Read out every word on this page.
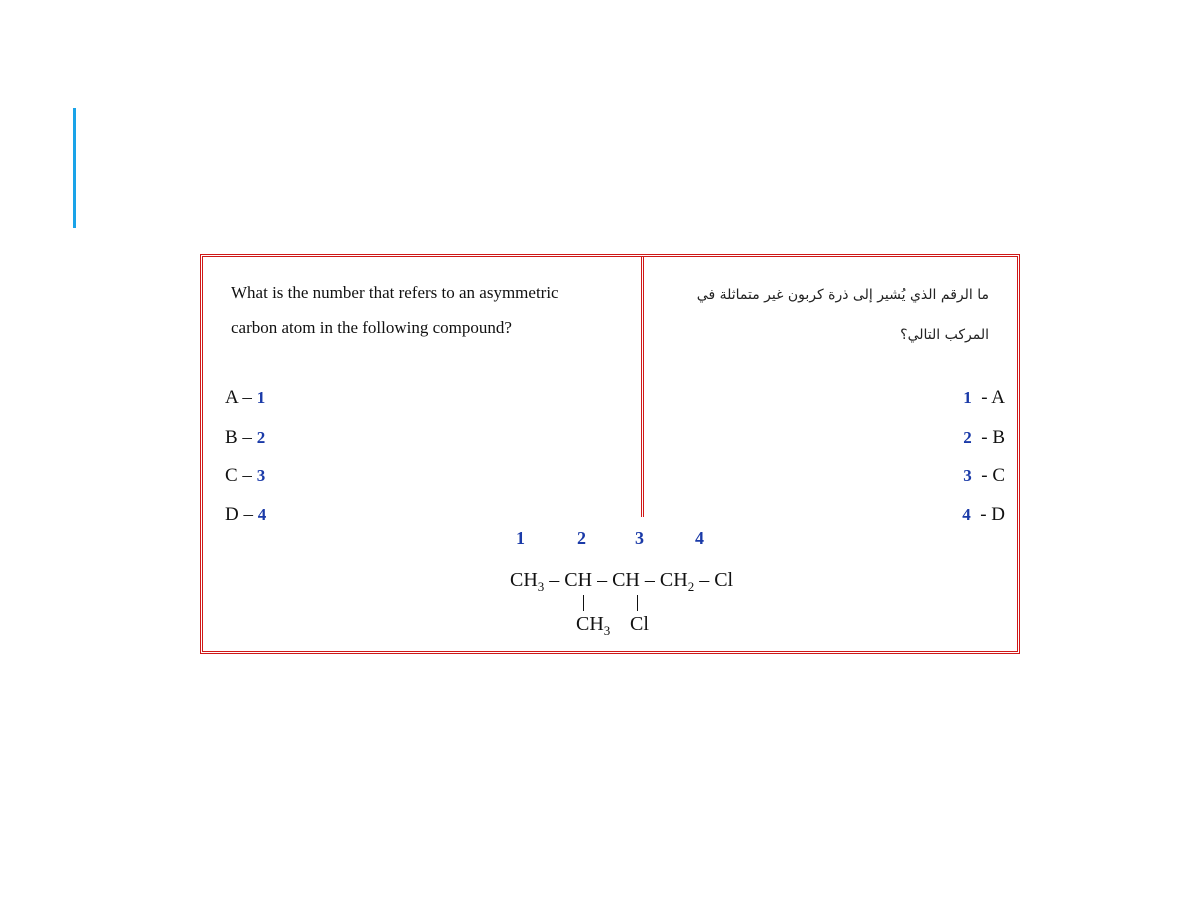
What is the number that refers to an asymmetric carbon atom in the following compound?
ما الرقم الذي يُشير إلى ذرة كربون غير متماثلة في المركب التالي؟
A – 1
B – 2
C – 3
D – 4
1 - A
2 - B
3 - C
4 - D
1	2	3	4
$CH_3$ – CH – CH – $CH_2$ – Cl
$CH_3$ Cl
